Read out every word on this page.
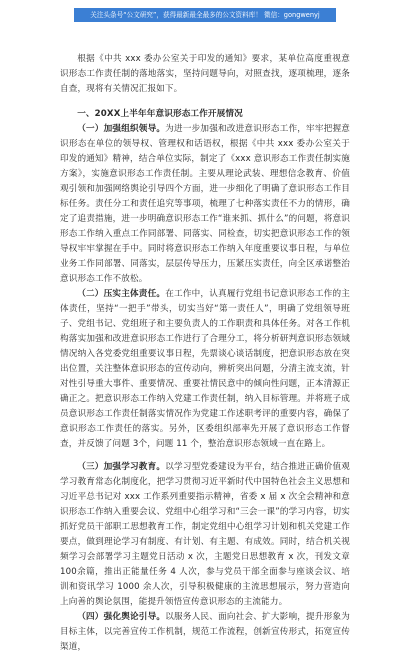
关注头条号“公文研究”，获得最新最全最多的公文资料库！ 微信：gongwenyj

根据《中共 xxx 委办公室关于印发的通知》要求，某单位高度重视意识形态工作责任制的落地落实，坚持问题导向，对照查找，逐项梳理，逐条自查，现将有关情况汇报如下。

一、20XX上半年年意识形态工作开展情况

（一）加强组织领导。为进一步加强和改进意识形态工作，牢牢把握意识形态在单位的领导权、管理权和话语权，根据《中共 xxx 委办公室关于印发的通知》精神，结合单位实际，制定了《xxx 意识形态工作责任制实施方案》，实施意识形态工作责任制。主要从理论武装、理想信念教育、价值观引领和加强网络舆论引导四个方面，进一步细化了明确了意识形态工作目标任务。责任分工和责任追究等事项，梳理了七种落实责任不力的情形，确定了追责措施，进一步明确意识形态工作“谁来抓、抓什么”的问题，将意识形态工作纳入重点工作同部署、同落实、同检查，切实把意识形态工作的领导权牢牢掌握在手中。同时将意识形态工作纳入年度重要议事日程，与单位业务工作同部署、同落实，层层传导压力，压紧压实责任，向全区承诺整治意识形态工作不放松。

（二）压实主体责任。在工作中，认真履行党组书记意识形态工作的主体责任，坚持“一把手”带头，切实当好“第一责任人”，明确了党组领导班子、党组书记、党组班子和主要负责人的工作职责和具体任务。对各工作机构落实加强和改进意识形态工作进行了合理分工，将分析研判意识形态领域情况纳入各党委党组重要议事日程，先票谈心谈话制度，把意识形态放在突出位置，关注整体意识形态的宣传动向，辨析突出问题，分清主流支流，针对性引导重大事件、重要情况、重要社情民意中的倾向性问题，正本清源正确正之。把意识形态工作纳入党建工作责任制，纳入目标管理。并将班子成员意识形态工作责任制落实情况作为党建工作述职考评的重要内容，确保了意识形态工作责任的落实。另外，区委组织部率先开展了意识形态工作督查，并反馈了问题 3个，问题 11 个，整治意识形态领域一直在路上。

（三）加强学习教育。以学习型党委建设为平台，结合推进正确价值观学习教育常态化制度化，把学习贯彻习近平新时代中国特色社会主义思想和习近平总书记对 xxx 工作系列重要指示精神，省委 x 届 x 次全会精神和意识形态工作纳入重要会议、党组中心组学习和“三会一课”的学习内容，切实抓好党员干部职工思想教育工作，制定党组中心组学习计划和机关党建工作要点，做到理论学习有制度、有计划、有主题、有成效。同时，结合机关视频学习会部署学习主题党日活动 x 次，主题党日思想教育 x 次，刊发文章 100余篇，推出正能量任务 4 人次，参与党员干部全面参与座谈会议、培训和资讯学习 1000 余人次，引导积极健康的主流思想展示，努力营造向上向善的舆论氛围，能提升领悟宣传意识形态的主流能力。

（四）强化舆论引导。以服务人民、面向社会、扩大影响，提升形象为目标主体，以完善宣传工作机制，规范工作流程，创新宣传形式，拓宽宣传渠道，
